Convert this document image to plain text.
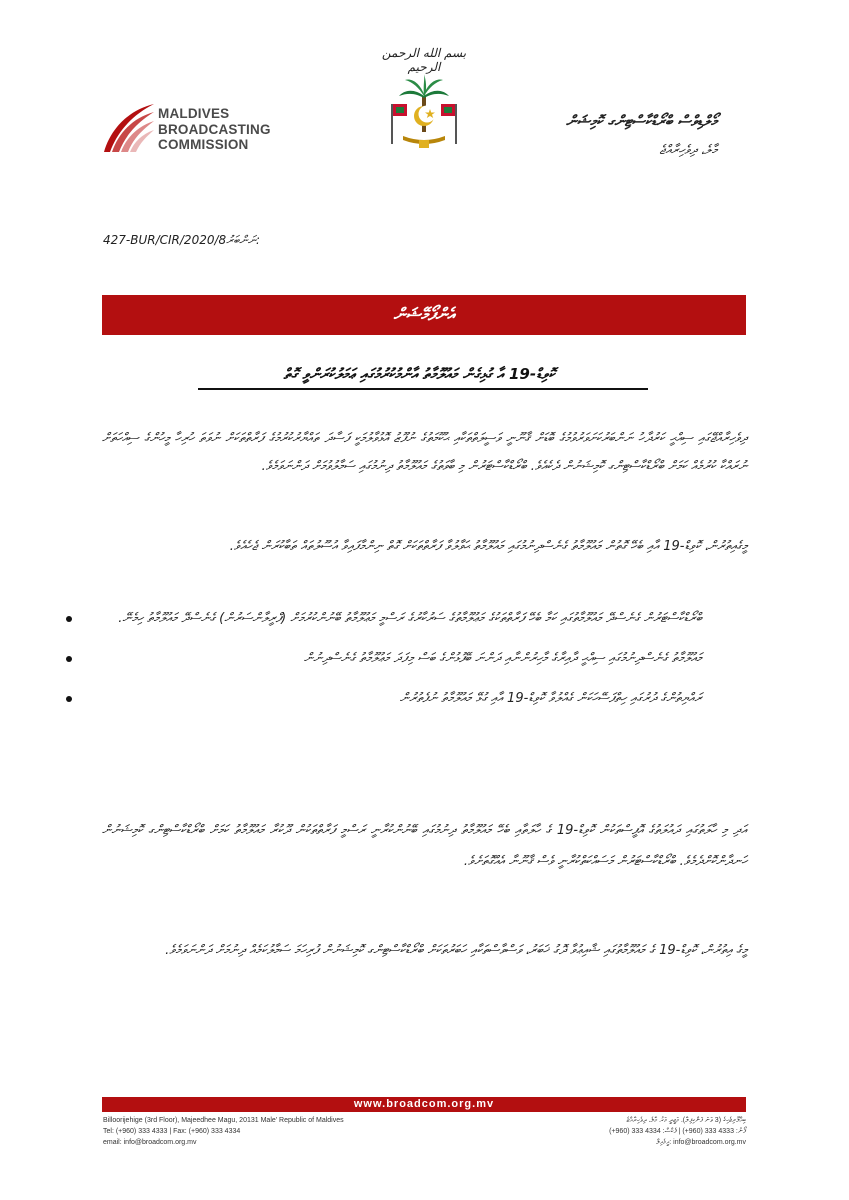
بسم الله الرحمن الرحيم
MALDIVES
BROADCASTING
COMMISSION
މޯލްޑިވްސް ބްރޯޑްކާސްޓިންގ ކޮމިޝަން
މާލެ، ދިވެހިރާއްޖެ
427-BUR/CIR/2020/8ނަންބަރު:
އެންފޯމޭޝަން
ކޮވިޑް-19 އާ ގުޅިގެން މައުލޫމާތު އާންމުކުރުމުގައި ޢަމަލުކުރަންވީ ގޮތް
ދިވެހިރާއްޖޭގައި ސިއްޙީ ކަރުދާހު ނަންބަރުކަށަވަރުވުމުގެ ބޮޑަށް ޤާނޫނީ ވަސީލަތްތަކާއި ޙުކޫމަތުގެ ނުފޫޒު އޮޅުވާލުމަކީ ފަސާދަ ތައްޔާރުކުރުމުގެ ފަރާތްތަކަށް ނުވަތަ ހުރިހާ މީހުންގެ ސިއްހަތަށް ނުރައްކާ ކުރުމެއް ކަމަށް ބްރޯޑްކާސްޓިންގ ކޮމިޝަނުން ދެކެއެވެ. ބްރޯޑްކާސްޓަރުން މި ބާވަތުގެ މައުލޫމާތު ދިނުމުގައި ސަމާލުވުމަށް ދަންނަވަމެވެ.
މީގެއިތުރުން، ކޮވިޑް-19 އާއި ބެހޭ ގޮތުން މައުލޫމާތު ގެނެސްދިނުމުގައި މައުލޫމާތު ޙަވާލުވާ ފަރާތްތަކަށް ގޮތް ނިންމާފައިވާ އުސޫލުތައް ތަބާކުރަން ޖެހެއެވެ.
ބްރޯޑްކާސްޓަރުން ގެނެސްދޭ މައުލޫމާތުގައި ކަމާ ބެހޭ ފަރާތްތަކުގެ މަޢުލޫމާތުގެ ސަރުކާރުގެ ރަސްމީ މަޢުލޫމާތު ބޭނުންކުރުމަށް (ފްރީލާންސަރުން) ގެނެސްދޭ މައުލޫމާތު ހިމެނޭ.
މައުލޫމާތު ގެނެސްދިނުމުގައި ސިއްޙީ ދާއިރާގެ މާހިރުންނާއި ދަންނަ ބޭފުޅުންގެ ބަސް މިފަދަ މަޢުލޫމާތު ގެނެސްދިނުން
ރައްޔިތުންގެ ދުރުގައި ހިތްފަސޭހަކަން ގެއްލުވާ ކޮވިޑް-19 އާއި ގުޅޭ މައުލޫމާތު ނުފެތުރުން
އަދި މި ހާލަތުގައި ދައުލަތުގެ އޮފީސްތަކުން ކޮވިޑް-19 ގެ ހާލަތާއި ބެހޭ މައުލޫމާތު ދިނުމުގައި ބޭނުންކުރާނީ ރަސްމީ ފަރާތްތަކުން ދޫކުރާ މައުލޫމާތު ކަމަށް ބްރޯޑްކާސްޓިންގ ކޮމިޝަނުން ހަނދާންކޮށްދެމެވެ. ބްރޯޑްކާސްޓަރުން މަސައްކަތްކުރާނީ ވެސް ޤާނޫނާ އެއްގޮތަށެވެ.
މީގެ އިތުރުން، ކޮވިޑް-19 ގެ މައުލޫމާތުގައި ޝާއިޢުވާ ދޮގު ޚަބަރު، ވަސްވާސްތަކާއި ހަބަރުތަކަށް ބްރޯޑްކާސްޓިންގ ކޮމިޝަނުން ފުރިހަމަ ސަމާލުކަމެއް ދިނުމަށް ދަންނަވަމެވެ.
www.broadcom.org.mv
Billoorijehige (3rd Floor), Majeedhee Magu, 20131 Male' Republic of Maldives
Tel: (+960) 333 4333 | Fax: (+960) 333 4334
email: info@broadcom.org.mv
ބިއްލޫރިޖެހިގެ (3 ވަނަ ފަންގިފިލާ)، މަޖީދީ މަގު، މާލެ، ދިވެހިރާއްޖެ
ފޯނު: 4333 333 (960+) | ފެކްސް: 4334 333 (960+)
info@broadcom.org.mv :އީމެއިލް
